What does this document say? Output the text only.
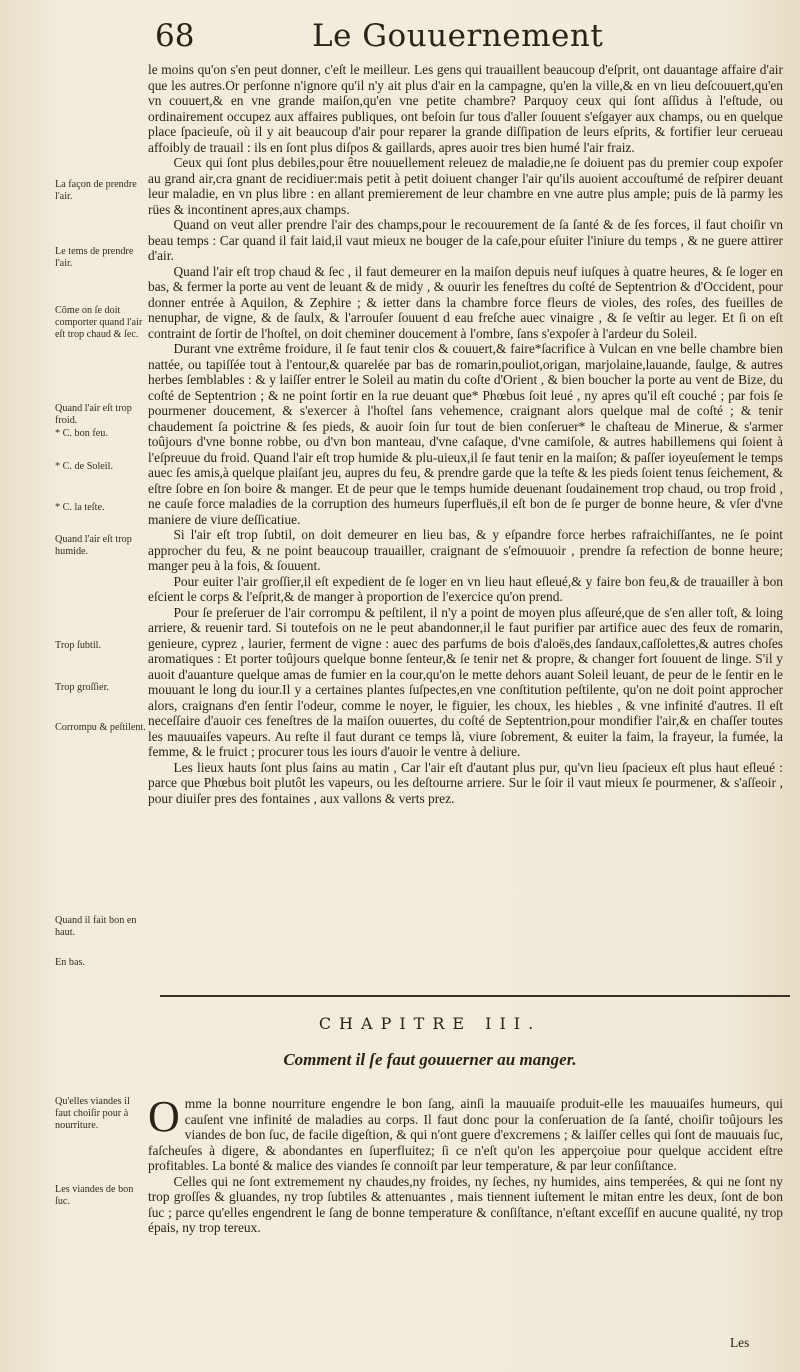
68	Le Gouuernement

le moins qu'on s'en peut donner, c'eſt le meilleur. Les gens qui trauaillent beaucoup d'eſprit, ont dauantage affaire d'air que les autres.Or perſonne n'ignore qu'il n'y ait plus d'air en la campagne, qu'en la ville,& en vn lieu deſcouuert,qu'en vn couuert,& en vne grande maiſon,qu'en vne petite chambre? Parquoy ceux qui ſont aſſidus à l'eſtude, ou ordinairement occupez aux affaires publiques, ont beſoin ſur tous d'aller ſouuent s'eſgayer aux champs, ou en quelque place ſpacieuſe, où il y ait beaucoup d'air pour reparer la grande diſſipation de leurs eſprits, & fortifier leur cerueau affoibly de trauail : ils en ſont plus diſpos & gaillards, apres auoir tres bien humé l'air fraiz.

Ceux qui ſont plus debiles,pour être nouuellement releuez de maladie,ne ſe doiuent pas du premier coup expoſer au grand air,cra gnant de recidiuer:mais petit à petit doiuent changer l'air qu'ils auoient accouſtumé de reſpirer deuant leur maladie, en vn plus libre : en allant premierement de leur chambre en vne autre plus ample; puis de là parmy les rües & incontinent apres,aux champs.

Quand on veut aller prendre l'air des champs,pour le recouurement de ſa ſanté & de ſes forces, il faut choiſir vn beau temps : Car quand il fait laid,il vaut mieux ne bouger de la caſe,pour eſuiter l'iniure du temps , & ne guere attirer d'air.

Quand l'air eſt trop chaud & ſec , il faut demeurer en la maiſon depuis neuf iuſques à quatre heures, & ſe loger en bas, & fermer la porte au vent de leuant & de midy , & ouurir les feneſtres du coſté de Septentrion & d'Occident, pour donner entrée à Aquilon, & Zephire ; & ietter dans la chambre force fleurs de violes, des roſes, des fueilles de nenuphar, de vigne, & de ſaulx, & l'arrouſer ſouuent d eau freſche auec vinaigre , & ſe veſtir au leger. Et ſi on eſt contraint de ſortir de l'hoſtel, on doit cheminer doucement à l'ombre, ſans s'expoſer à l'ardeur du Soleil.

Durant vne extrême froidure, il ſe faut tenir clos & couuert,& faire*ſacrifice à Vulcan en vne belle chambre bien nattée, ou tapiſſée tout à l'entour,& quarelée par bas de romarin,pouliot,origan, marjolaine,lauande, ſaulge, & autres herbes ſemblables : & y laiſſer entrer le Soleil au matin du coſte d'Orient , & bien boucher la porte au vent de Bize, du coſté de Septentrion ; & ne point ſortir en la rue deuant que* Phœbus ſoit leué , ny apres qu'il eſt couché ; par fois ſe pourmener doucement, & s'exercer à l'hoſtel ſans vehemence, craignant alors quelque mal de coſté ; & tenir chaudement ſa poictrine & ſes pieds, & auoir ſoin ſur tout de bien conſeruer* le chaſteau de Minerue, & s'armer toûjours d'vne bonne robbe, ou d'vn bon manteau, d'vne caſaque, d'vne camiſole, & autres habillemens qui ſoient à l'eſpreuue du froid. Quand l'air eſt trop humide & plu-uieux,il ſe faut tenir en la maiſon; & paſſer ioyeuſement le temps auec ſes amis,à quelque plaiſant jeu, aupres du feu, & prendre garde que la teſte & les pieds ſoient tenus ſeichement, & eſtre ſobre en ſon boire & manger. Et de peur que le temps humide deuenant ſoudainement trop chaud, ou trop froid , ne cauſe force maladies de la corruption des humeurs ſuperfluës,il eſt bon de ſe purger de bonne heure, & vſer d'vne maniere de viure deſſicatiue.

Si l'air eſt trop ſubtil, on doit demeurer en lieu bas, & y eſpandre force herbes rafraichiſſantes, ne ſe point approcher du feu, & ne point beaucoup trauailler, craignant de s'eſmouuoir , prendre ſa refection de bonne heure; manger peu à la fois, & ſouuent.

Pour euiter l'air groſſier,il eſt expedient de ſe loger en vn lieu haut eſleué,& y faire bon feu,& de trauailler à bon eſcient le corps & l'eſprit,& de manger à proportion de l'exercice qu'on prend.

Pour ſe preſeruer de l'air corrompu & peſtilent, il n'y a point de moyen plus aſſeuré,que de s'en aller toſt, & loing arriere, & reuenir tard. Si toutefois on ne le peut abandonner,il le faut purifier par artifice auec des feux de romarin, genieure, cyprez , laurier, ferment de vigne : auec des parfums de bois d'aloës,des ſandaux,caſſolettes,& autres choſes aromatiques : Et porter toûjours quelque bonne ſenteur,& ſe tenir net & propre, & changer fort ſouuent de linge. S'il y auoit d'auanture quelque amas de fumier en la cour,qu'on le mette dehors auant Soleil leuant, de peur de le ſentir en le mouuant le long du iour.Il y a certaines plantes ſuſpectes,en vne conſtitution peſtilente, qu'on ne doit point approcher alors, craignans d'en ſentir l'odeur, comme le noyer, le figuier, les choux, les hiebles , & vne infinité d'autres. Il eſt neceſſaire d'auoir ces feneſtres de la maiſon ouuertes, du coſté de Septentrion,pour mondifier l'air,& en chaſſer toutes les mauuaiſes vapeurs. Au reſte il faut durant ce temps là, viure ſobrement, & euiter la faim, la frayeur, la fumée, la femme, & le fruict ; procurer tous les iours d'auoir le ventre à deliure.

Les lieux hauts ſont plus ſains au matin , Car l'air eſt d'autant plus pur, qu'vn lieu ſpacieux eſt plus haut eſleué : parce que Phœbus boit plutôt les vapeurs, ou les deſtourne arriere. Sur le ſoir il vaut mieux ſe pourmener, & s'aſſeoir , pour diuiſer pres des fontaines , aux vallons & verts prez.

La façon de prendre l'air.
Le tems de prendre l'air.
Cõme on ſe doit comporter quand l'air eſt trop chaud & ſec.
Quand l'air eſt trop froid.
* C. bon feu.
* C. de Soleil.
* C. la teſte.
Quand l'air eſt trop humide.
Trop ſubtil.
Trop groſſier.
Corrompu & peſtilent.
Quand il fait bon en haut.
En bas.
Qu'elles viandes il faut choiſir pour à nourriture.
Les viandes de bon ſuc.
CHAPITRE III.
Comment il ſe faut gouuerner au manger.

Omme la bonne nourriture engendre le bon ſang, ainſi la mauuaiſe produit-elle les mauuaiſes humeurs, qui cauſent vne infinité de maladies au corps. Il faut donc pour la conſeruation de ſa ſanté, choiſir toûjours les viandes de bon ſuc, de facile digeſtion, & qui n'ont guere d'excremens ; & laiſſer celles qui ſont de mauuais ſuc, faſcheuſes à digere, & abondantes en ſuperfluitez; ſi ce n'eſt qu'on les apperçoiue pour quelque accident eſtre profitables. La bonté & malice des viandes ſe connoiſt par leur temperature, & par leur conſiſtance.

Celles qui ne ſont extremement ny chaudes,ny froides, ny ſeches, ny humides, ains temperées, & qui ne ſont ny trop groſſes & gluandes, ny trop ſubtiles & attenuantes , mais tiennent iuſtement le mitan entre les deux, ſont de bon ſuc ; parce qu'elles engendrent le ſang de bonne temperature & conſiſtance, n'eſtant exceſſif en aucune qualité, ny trop épais, ny trop tereux.

Les
